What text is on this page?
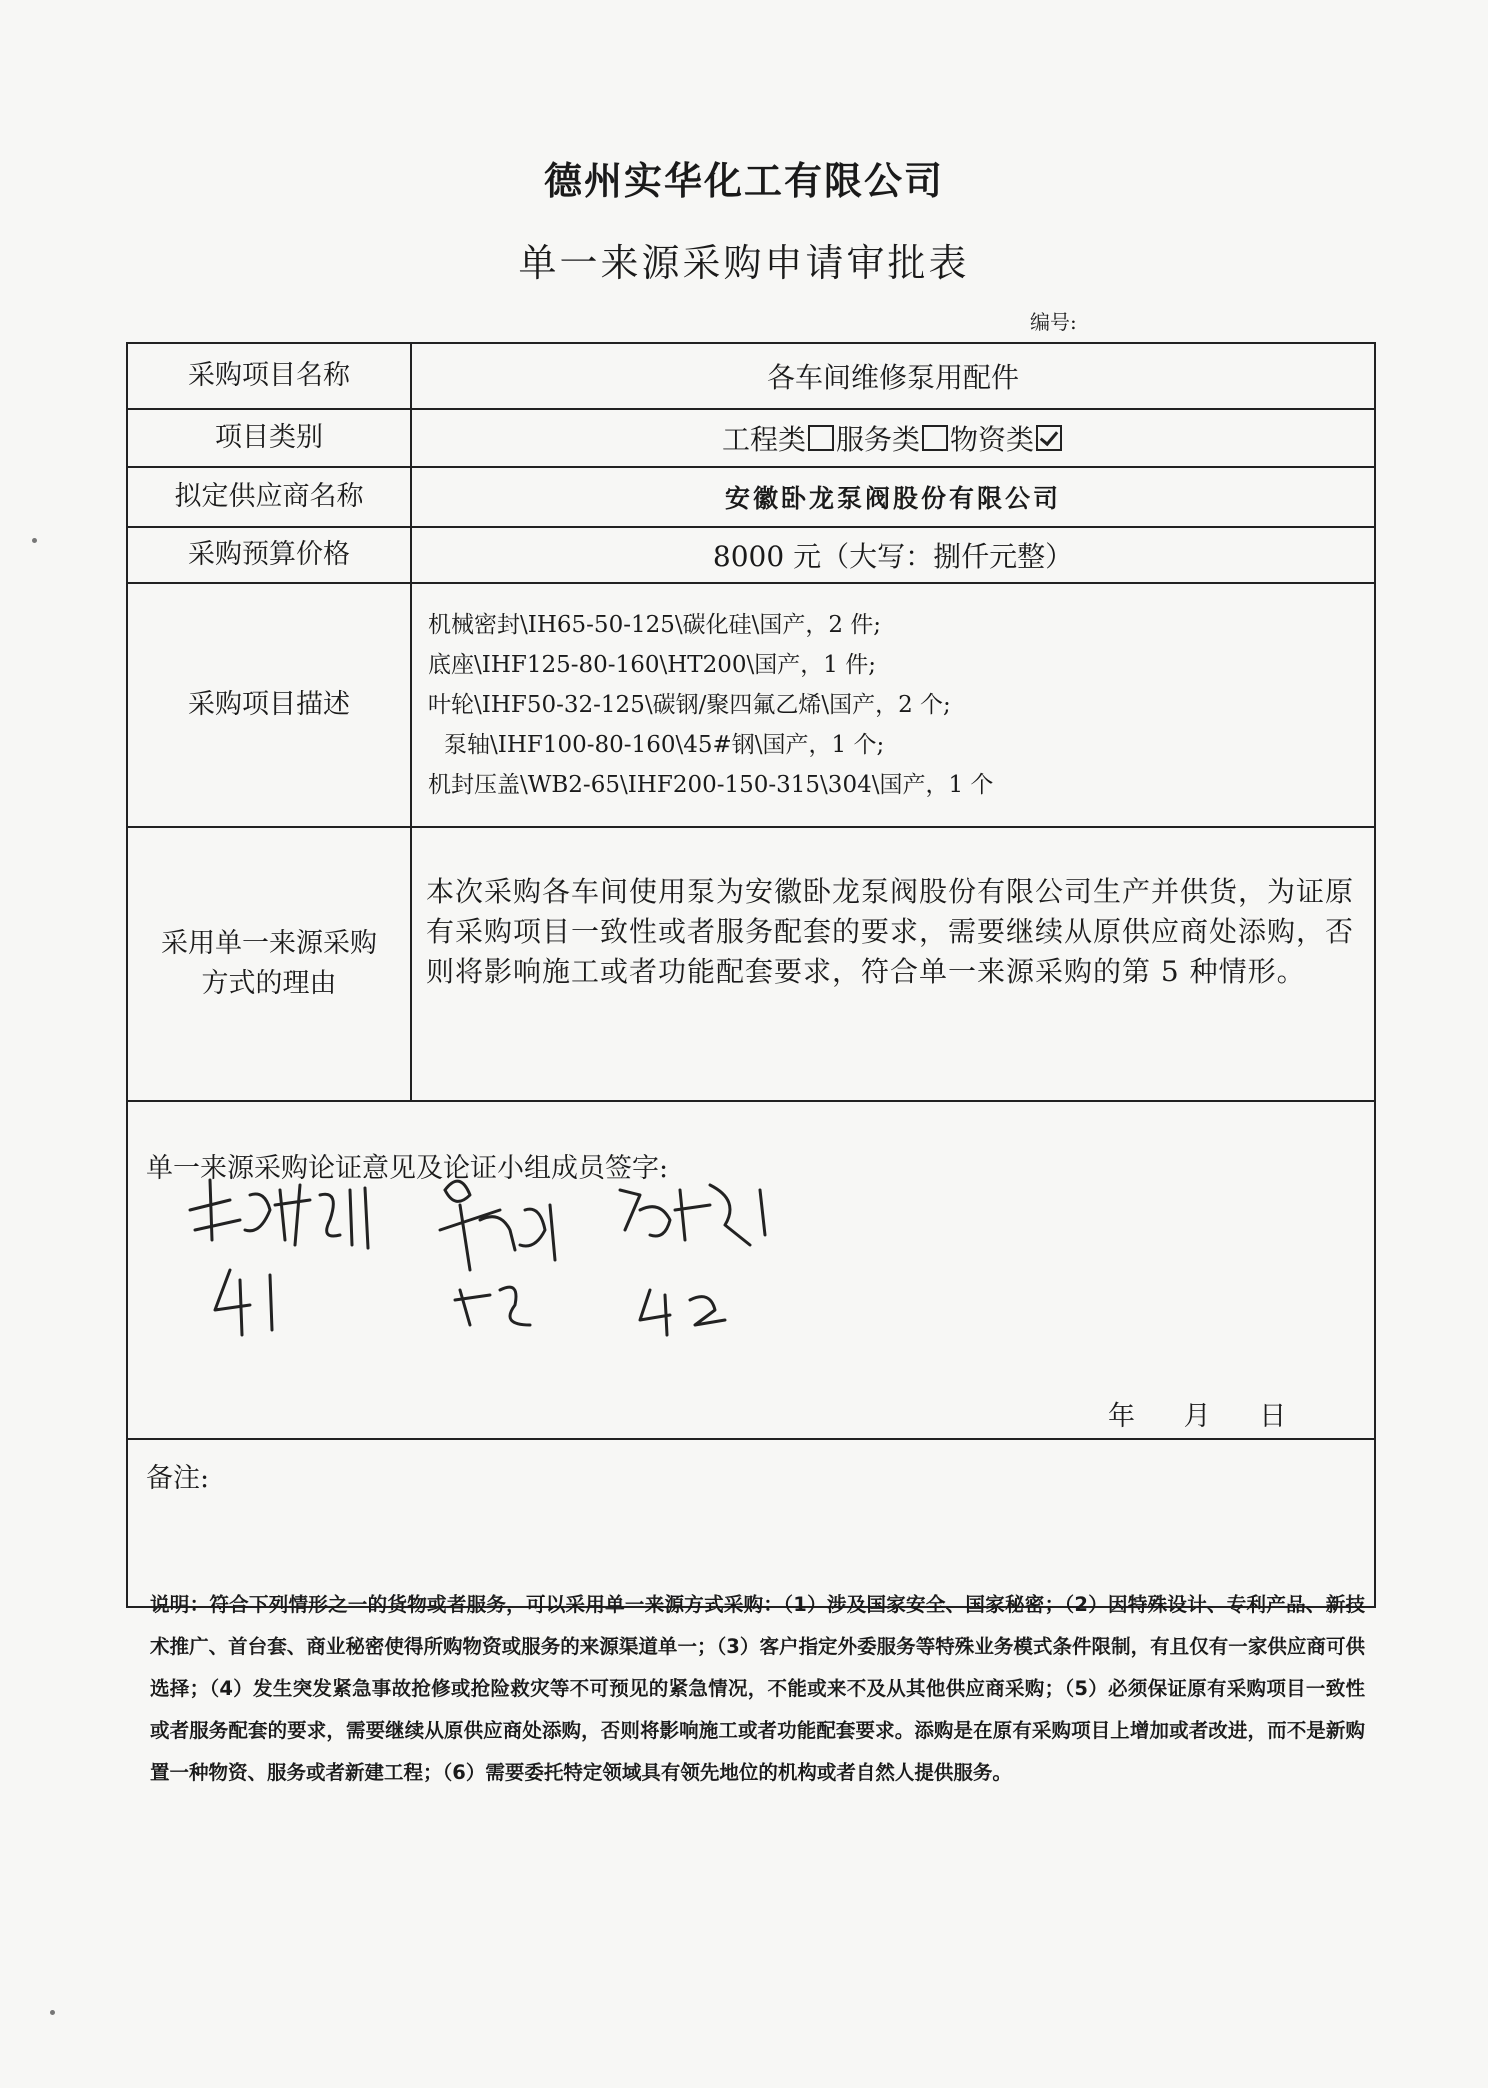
德州实华化工有限公司
单一来源采购申请审批表
编号:
采购项目名称	各车间维修泵用配件
项目类别	工程类 服务类 物资类
拟定供应商名称	安徽卧龙泵阀股份有限公司
采购预算价格	8000 元（大写：捌仟元整）
采购项目描述	机械密封\IH65-50-125\碳化硅\国产，2 件;
底座\IHF125-80-160\HT200\国产，1 件;
叶轮\IHF50-32-125\碳钢/聚四氟乙烯\国产，2 个;
泵轴\IHF100-80-160\45#钢\国产，1 个;
机封压盖\WB2-65\IHF200-150-315\304\国产，1 个

采用单一来源采购
方式的理由	本次采购各车间使用泵为安徽卧龙泵阀股份有限公司生产并供货，为证原有采购项目一致性或者服务配套的要求，需要继续从原供应商处添购，否则将影响施工或者功能配套要求，符合单一来源采购的第 5 种情形。

单一来源采购论证意见及论证小组成员签字:
年 月 日	

备注:	
说明：符合下列情形之一的货物或者服务，可以采用单一来源方式采购：（1）涉及国家安全、国家秘密；（2）因特殊设计、专利产品、新技术推广、首台套、商业秘密使得所购物资或服务的来源渠道单一；（3）客户指定外委服务等特殊业务模式条件限制，有且仅有一家供应商可供选择；（4）发生突发紧急事故抢修或抢险救灾等不可预见的紧急情况，不能或来不及从其他供应商采购；（5）必须保证原有采购项目一致性或者服务配套的要求，需要继续从原供应商处添购，否则将影响施工或者功能配套要求。添购是在原有采购项目上增加或者改进，而不是新购置一种物资、服务或者新建工程；（6）需要委托特定领域具有领先地位的机构或者自然人提供服务。
